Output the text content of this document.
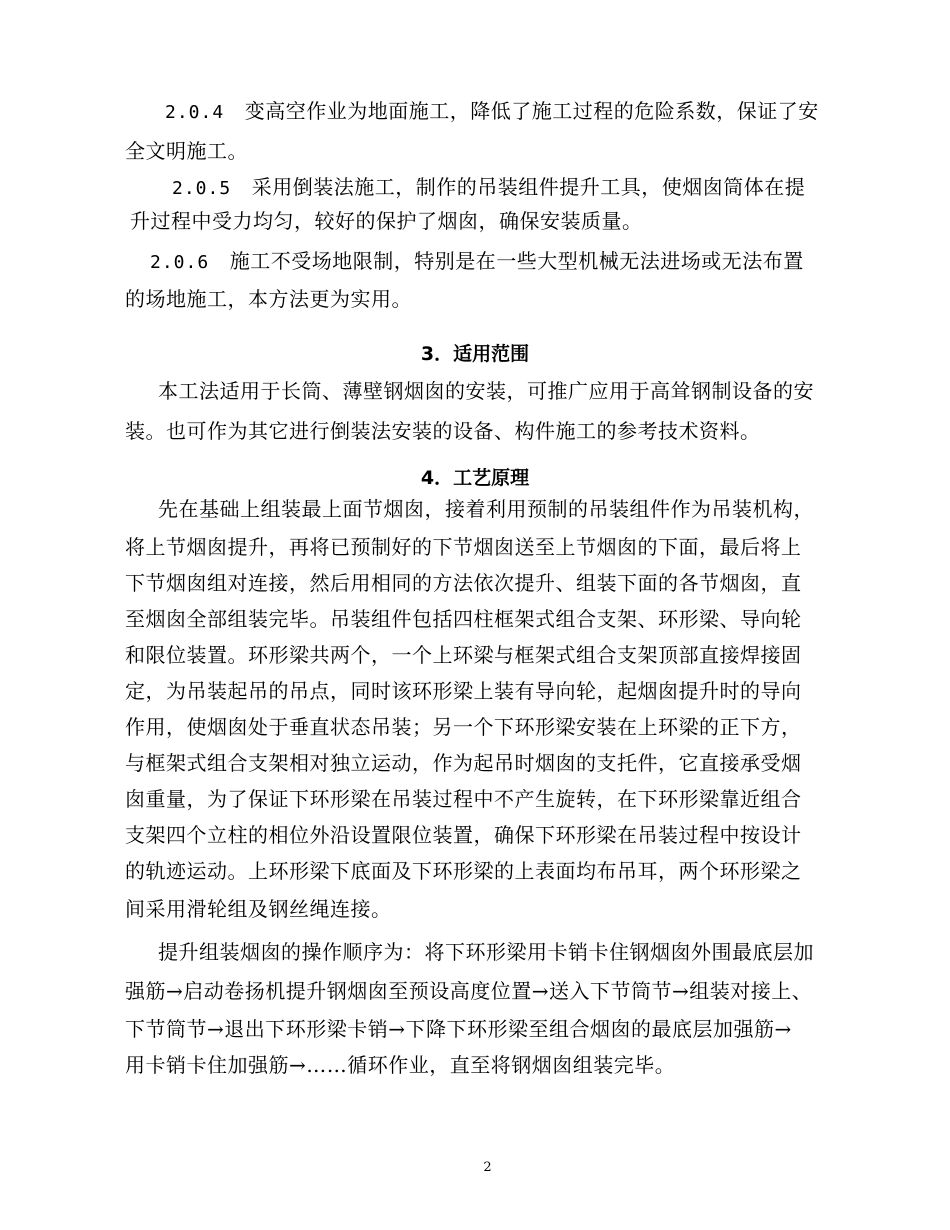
2.0.4 变高空作业为地面施工，降低了施工过程的危险系数，保证了安
全文明施工。
2.0.5 采用倒装法施工，制作的吊装组件提升工具，使烟囱筒体在提
升过程中受力均匀，较好的保护了烟囱，确保安装质量。
2.0.6 施工不受场地限制，特别是在一些大型机械无法进场或无法布置
的场地施工，本方法更为实用。
3．适用范围
本工法适用于长筒、薄壁钢烟囱的安装，可推广应用于高耸钢制设备的安
装。也可作为其它进行倒装法安装的设备、构件施工的参考技术资料。
4．工艺原理
先在基础上组装最上面节烟囱，接着利用预制的吊装组件作为吊装机构，
将上节烟囱提升，再将已预制好的下节烟囱送至上节烟囱的下面，最后将上
下节烟囱组对连接，然后用相同的方法依次提升、组装下面的各节烟囱，直
至烟囱全部组装完毕。吊装组件包括四柱框架式组合支架、环形梁、导向轮
和限位装置。环形梁共两个，一个上环梁与框架式组合支架顶部直接焊接固
定，为吊装起吊的吊点，同时该环形梁上装有导向轮，起烟囱提升时的导向
作用，使烟囱处于垂直状态吊装；另一个下环形梁安装在上环梁的正下方，
与框架式组合支架相对独立运动，作为起吊时烟囱的支托件，它直接承受烟
囱重量，为了保证下环形梁在吊装过程中不产生旋转，在下环形梁靠近组合
支架四个立柱的相位外沿设置限位装置，确保下环形梁在吊装过程中按设计
的轨迹运动。上环形梁下底面及下环形梁的上表面均布吊耳，两个环形梁之
间采用滑轮组及钢丝绳连接。
提升组装烟囱的操作顺序为：将下环形梁用卡销卡住钢烟囱外围最底层加
强筋→启动卷扬机提升钢烟囱至预设高度位置→送入下节筒节→组装对接上、
下节筒节→退出下环形梁卡销→下降下环形梁至组合烟囱的最底层加强筋→
用卡销卡住加强筋→……循环作业，直至将钢烟囱组装完毕。
2
